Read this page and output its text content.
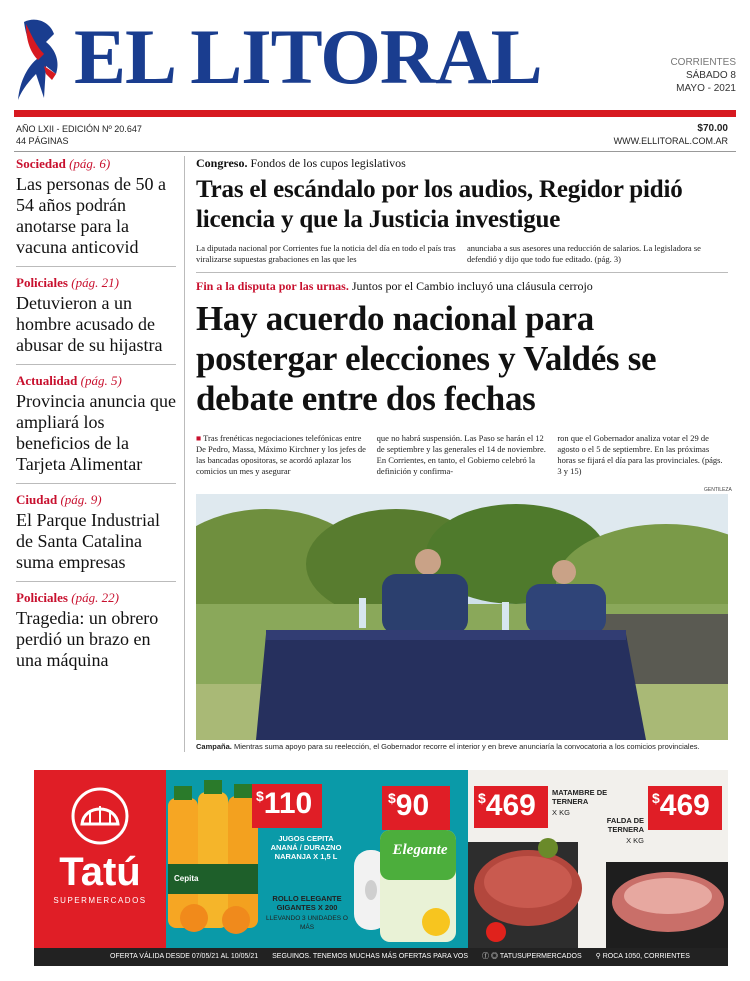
EL LITORAL	CORRIENTES
SÁBADO 8
MAYO - 2021
AÑO LXII - EDICIÓN Nº 20.647
44 PÁGINAS
$70.00
WWW.ELLITORAL.COM.AR
Sociedad (pág. 6)
Las personas de 50 a 54 años podrán anotarse para la vacuna anticovid
Policiales (pág. 21)
Detuvieron a un hombre acusado de abusar de su hijastra
Actualidad (pág. 5)
Provincia anuncia que ampliará los beneficios de la Tarjeta Alimentar
Ciudad (pág. 9)
El Parque Industrial de Santa Catalina suma empresas
Policiales (pág. 22)
Tragedia: un obrero perdió un brazo en una máquina
Congreso. Fondos de los cupos legislativos
Tras el escándalo por los audios, Regidor pidió licencia y que la Justicia investigue
La diputada nacional por Corrientes fue la noticia del día en todo el país tras viralizarse supuestas grabaciones en las que les
anunciaba a sus asesores una reducción de salarios. La legisladora se defendió y dijo que todo fue editado. (pág. 3)
Fin a la disputa por las urnas. Juntos por el Cambio incluyó una cláusula cerrojo
Hay acuerdo nacional para postergar elecciones y Valdés se debate entre dos fechas
■ Tras frenéticas negociaciones telefónicas entre De Pedro, Massa, Máximo Kirchner y los jefes de las bancadas opositoras, se acordó aplazar los comicios un mes y asegurar
que no habrá suspensión. Las Paso se harán el 12 de septiembre y las generales el 14 de noviembre. En Corrientes, en tanto, el Gobierno celebró la definición y confirma-
ron que el Gobernador analiza votar el 29 de agosto o el 5 de septiembre. En las próximas horas se fijará el día para las provinciales. (págs. 3 y 15)
GENTILEZA
Campaña. Mientras suma apoyo para su reelección, el Gobernador recorre el interior y en breve anunciaría la convocatoria a los comicios provinciales.
Tatú
SUPERMERCADOS
Cepita
$110
JUGOS CEPITA ANANÁ / DURAZNO NARANJA X 1,5 L
ROLLO ELEGANTE GIGANTES X 200
LLEVANDO 3 UNIDADES O MÁS
Elegante
$90	$469	MATAMBRE DE TERNERA
X KG
FALDA DE TERNERA
X KG
$469
OFERTA VÁLIDA DESDE 07/05/21 AL 10/05/21 SEGUINOS. TENEMOS MUCHAS MÁS OFERTAS PARA VOS ⓕ ◎ TATUSUPERMERCADOS ⚲ ROCA 1050, CORRIENTES
